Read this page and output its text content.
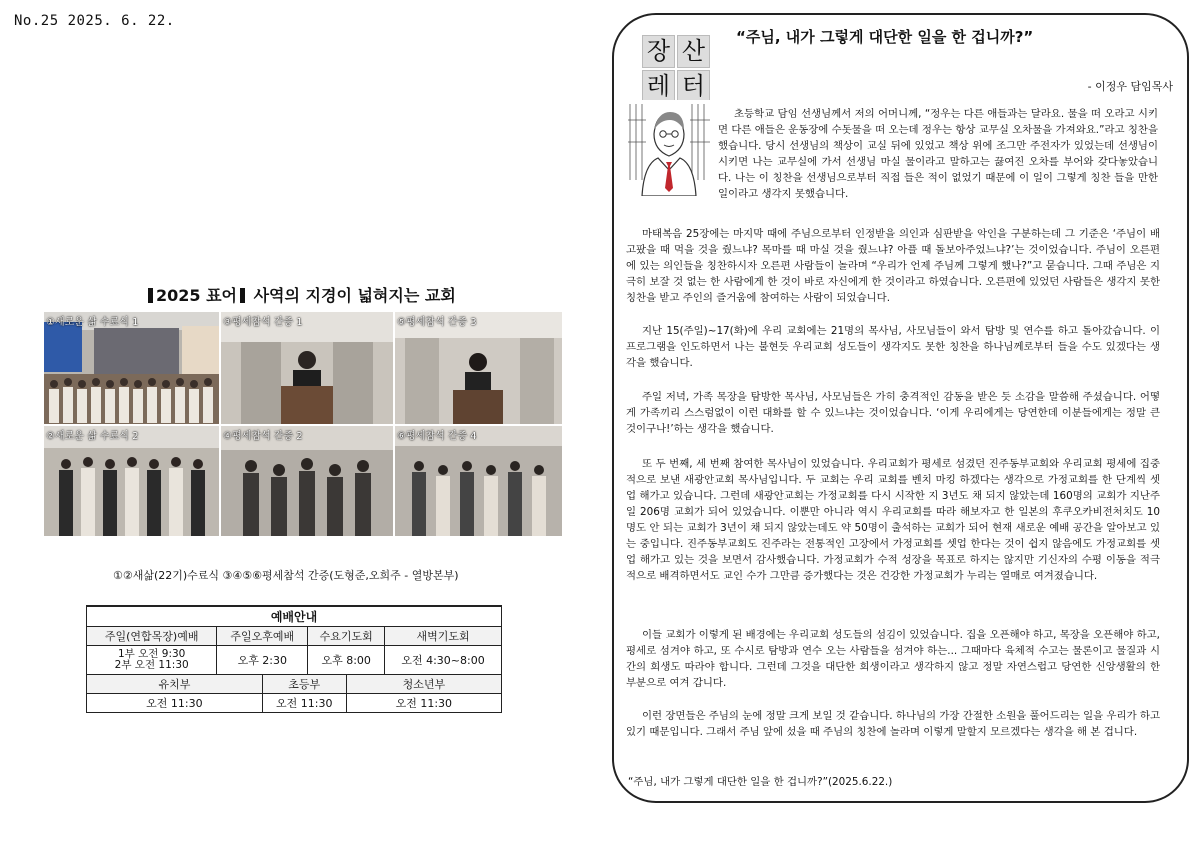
No.25 2025. 6. 22.
2025 표어 사역의 지경이 넓혀지는 교회
①새로운 삶 수료식 1	③평세참석 간증 1	⑤평세참석 간증 3
②새로운 삶 수료식 2	④평세참석 간증 2	⑥평세참석 간증 4
①②새삶(22기)수료식 ③④⑤⑥평세참석 간증(도형준,오희주 - 열방본부)
예배안내					
주일(연합목장)예배	주일오후예배		수요기도회		새벽기도회

1부 오전 9:30
2부 오전 11:30	오후 2:30		오후 8:00		오전 4:30~8:00
유치부		초등부		청소년부	
오전 11:30		오전 11:30		오전 11:30	
장 산
레 터
“주님, 내가 그렇게 대단한 일을 한 겁니까?”
- 이정우 담임목사
초등학교 담임 선생님께서 저의 어머니께, “정우는 다른 애들과는 달라요. 물을 떠 오라고 시키면 다른 애들은 운동장에 수돗물을 떠 오는데 정우는 항상 교무실 오차물을 가져와요.”라고 칭찬을 했습니다. 당시 선생님의 책상이 교실 뒤에 있었고 책상 위에 조그만 주전자가 있었는데 선생님이 시키면 나는 교무실에 가서 선생님 마실 물이라고 말하고는 끓여진 오차를 부어와 갖다놓았습니다. 나는 이 칭찬을 선생님으로부터 직접 들은 적이 없었기 때문에 이 일이 그렇게 칭찬 들을 만한 일이라고 생각지 못했습니다.
마태복음 25장에는 마지막 때에 주님으로부터 인정받을 의인과 심판받을 악인을 구분하는데 그 기준은 ‘주님이 배고팠을 때 먹을 것을 줬느냐? 목마를 때 마실 것을 줬느냐? 아플 때 돌보아주었느냐?’는 것이었습니다. 주님이 오른편에 있는 의인들을 칭찬하시자 오른편 사람들이 놀라며 “우리가 언제 주님께 그렇게 했나?”고 묻습니다. 그때 주님은 지극히 보잘 것 없는 한 사람에게 한 것이 바로 자신에게 한 것이라고 하였습니다. 오른편에 있었던 사람들은 생각지 못한 칭찬을 받고 주인의 즐거움에 참여하는 사람이 되었습니다.
지난 15(주일)~17(화)에 우리 교회에는 21명의 목사님, 사모님들이 와서 탐방 및 연수를 하고 돌아갔습니다. 이 프로그램을 인도하면서 나는 불현듯 우리교회 성도들이 생각지도 못한 칭찬을 하나님께로부터 들을 수도 있겠다는 생각을 했습니다.
주일 저녁, 가족 목장을 탐방한 목사님, 사모님들은 가히 충격적인 감동을 받은 듯 소감을 말씀해 주셨습니다. 어떻게 가족끼리 스스럼없이 이런 대화를 할 수 있느냐는 것이었습니다. ‘이게 우리에게는 당연한데 이분들에게는 정말 큰 것이구나!’하는 생각을 했습니다.
또 두 번째, 세 번째 참여한 목사님이 있었습니다. 우리교회가 평세로 섬겼던 진주동부교회와 우리교회 평세에 집중적으로 보낸 새광안교회 목사님입니다. 두 교회는 우리 교회를 벤치 마킹 하겠다는 생각으로 가정교회를 한 단계씩 셋업 해가고 있습니다. 그런데 새광안교회는 가정교회를 다시 시작한 지 3년도 채 되지 않았는데 160명의 교회가 지난주일 206명 교회가 되어 있었습니다. 이뿐만 아니라 역시 우리교회를 따라 해보자고 한 일본의 후쿠오카비전처치도 10명도 안 되는 교회가 3년이 채 되지 않았는데도 약 50명이 출석하는 교회가 되어 현재 새로운 예배 공간을 알아보고 있는 중입니다. 진주동부교회도 진주라는 전통적인 고장에서 가정교회를 셋업 한다는 것이 쉽지 않음에도 가정교회를 셋업 해가고 있는 것을 보면서 감사했습니다. 가정교회가 수적 성장을 목표로 하지는 않지만 기신자의 수평 이동을 적극적으로 배격하면서도 교인 수가 그만큼 증가했다는 것은 건강한 가정교회가 누리는 열매로 여겨졌습니다.
이들 교회가 이렇게 된 배경에는 우리교회 성도들의 섬김이 있었습니다. 집을 오픈해야 하고, 목장을 오픈해야 하고, 평세로 섬겨야 하고, 또 수시로 탐방과 연수 오는 사람들을 섬겨야 하는... 그때마다 육체적 수고는 물론이고 물질과 시간의 희생도 따라야 합니다. 그런데 그것을 대단한 희생이라고 생각하지 않고 정말 자연스럽고 당연한 신앙생활의 한 부분으로 여겨 갑니다.
이런 장면들은 주님의 눈에 정말 크게 보일 것 같습니다. 하나님의 가장 간절한 소원을 풀어드리는 일을 우리가 하고 있기 때문입니다. 그래서 주님 앞에 섰을 때 주님의 칭찬에 놀라며 이렇게 말할지 모르겠다는 생각을 해 본 겁니다.
“주님, 내가 그렇게 대단한 일을 한 겁니까?”(2025.6.22.)
